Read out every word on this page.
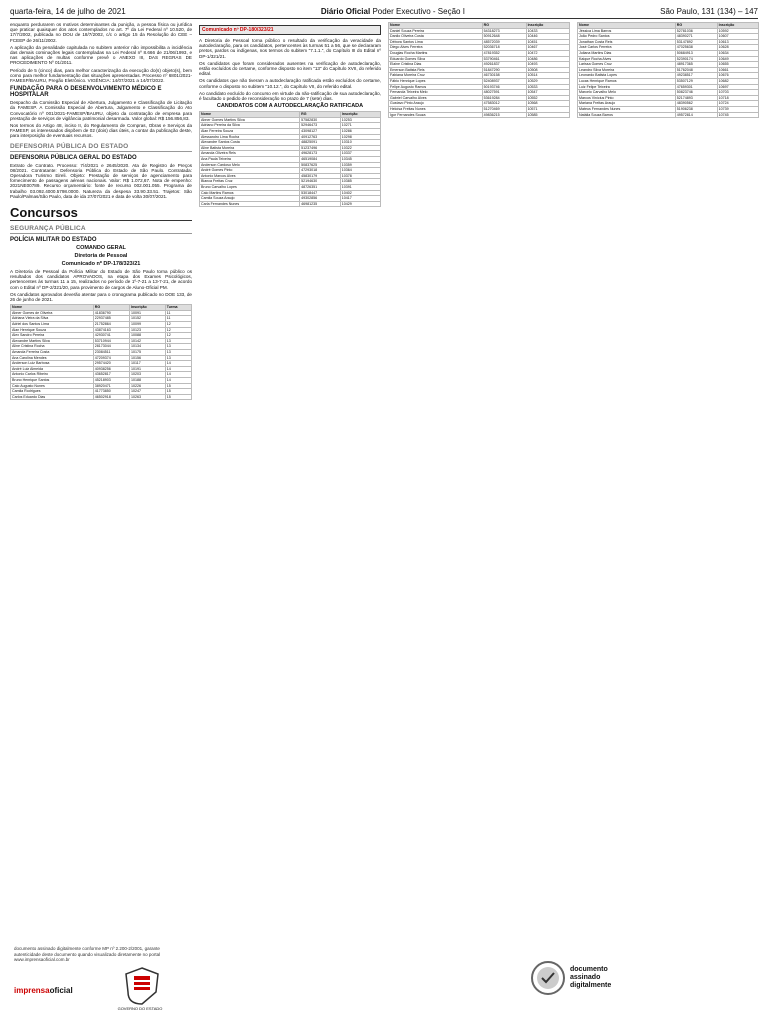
quarta-feira, 14 de julho de 2021	Diário Oficial Poder Executivo - Seção I	São Paulo, 131 (134) – 147

enquanto perdurarem os motivos determinantes da punição, a pessoa física ou jurídica que praticar quaisquer dos atos contemplados no art. 7º da Lei Federal nº 10.520, de 17/7/2002, publicada no DOU de 18/7/2002, c/c o artigo 15 da Resolução do CEE – FCEEP de 26/11/2002.

A aplicação da penalidade capitulada no subitem anterior não impossibilita a incidência das demais cominações legais contempladas na Lei Federal nº 8.666 de 21/06/1993, e nas aplicações de multas conforme prevê o ANEXO III, DAS REGRAS DE PROCEDIMENTO Nº 01/2011.

Período de 5 (cinco) dias, para melhor caracterização da execução do(s) objeto(s), bem como para melhor fundamentação das situações apresentadas. Processo nº 6801/2021-FAMESP/BAURU, Pregão Eletrônico. VIGÊNCIA: 14/07/2021 a 14/07/2022.

FUNDAÇÃO PARA O DESENVOLVIMENTO MÉDICO E HOSPITALAR

Despacho da Comissão Especial de Abertura, Julgamento e Classificação de Licitação da FAMESP. A Comissão Especial de Abertura, Julgamento e Classificação do Ato Convocatório nº 001/2021-FAMESP/BAURU, objeto da contratação de empresa para prestação de serviços de vigilância patrimonial desarmada. Valor global: R$ 156.856,83.

Nos termos do Artigo 48, inciso II, do Regulamento de Compras, Obras e Serviços da FAMESP, os interessados dispõem de 02 (dois) dias úteis, a contar da publicação deste, para interposição de eventuais recursos.

DEFENSORIA PÚBLICA DO ESTADO
DEFENSORIA PÚBLICA GERAL DO ESTADO

Extrato de Contrato. Processo: 7/4/2021 e 2645/2020. Ata de Registro de Preços 08/2021. Contratante: Defensoria Pública do Estado de São Paulo. Contratada: Operadora Turismo Eireli. Objeto: Prestação de serviços de agenciamento para fornecimento de passagens aéreas nacionais. Valor: R$ 1.072,67. Nota de empenho: 2021NE00789. Recurso orçamentário: fonte de recurso 002.001.055. Programa de trabalho 03.092.4000.5798.0000. Natureza da despesa 33.90.33.51. Trajetos: São Paulo/Palmas/São Paulo, data de ida 27/07/2021 e data de volta 30/07/2021.

Concursos
SEGURANÇA PÚBLICA
POLÍCIA MILITAR DO ESTADO
COMANDO GERAL
Diretoria de Pessoal
Comunicado nº DP-178/323/21

A Diretoria de Pessoal da Polícia Militar do Estado de São Paulo torna público os resultados dos candidatos APROVADOS, na etapa dos Exames Psicológicos, pertencentes às turmas 11 a 15, realizados no período de 1º-7-21 a 13-7-21, de acordo com o Edital nº DP-2/321/20, para provimento de cargos de Aluno-Oficial PM.

Os candidatos aprovados deverão atentar para o cronograma publicado no DOE 133, de 26 de junho de 2021.

Nome	RG	Inscrição	Turma
Abner Gomes de Oliveira	41836790	10091	11
Adriana Vieira da Silva	22937485	10152	11
Adriel dos Santos Lima	21752864	10099	12
Alan Henrique Souza	43874163	10123	12
Alex Sandro Pereira	42930741	10088	12
Alexandre Martins Silva	53710944	10142	13
Aline Cristina Rocha	28173044	10134	13
Amanda Ferreira Costa	23084511	10175	13
Ana Carolina Mendes	47209374	10156	13
Anderson Luiz Barbosa	29574420	10117	14
André Luiz Almeida	40938256	10191	14
Antonio Carlos Ribeiro	43652817	10203	14
Bruno Henrique Santos	45218903	10188	14
Caio Augusto Nunes	38920471	10226	15
Camila Rodrigues	41773850	10247	15
Carlos Eduardo Dias	46502918	10263	15
Comunicado nº DP-180/323/21

A Diretoria de Pessoal torna público o resultado da verificação da veracidade da autodeclaração, para os candidatos, pertencentes às turmas 51 a 56, que se declararam pretos, pardos ou indígenas, nos termos do subitem "7.1.1.", do Capítulo III do Edital nº DP-1/321/21.

Os candidatos que foram considerados ausentes na verificação de autodeclaração, estão excluídos do certame, conforme disposto no item "13" do Capítulo XVII, do referido edital.

Os candidatos que não tiveram a autodeclaração ratificada estão excluídos do certame, conforme o disposto no subitem "10.12.", do Capítulo VII, do referido edital.

Ao candidato excluído do concurso em virtude da não-ratificação de sua autodeclaração, é facultado o pedido de reconsideração no prazo de 7 (sete) dias.

CANDIDATOS COM A AUTODECLARAÇÃO RATIFICADA
Nome	RG	Inscrição
Abner Gomes Martins Silva	57582830	10253
Adriano Pereira da Silva	52946473	10271
Alan Ferreira Souza	43098127	10286
Alessandro Lima Rocha	40912763	10298
Alexandre Santos Costa	48825091	10310
Aline Batista Moreira	51237496	10322
Amanda Oliveira Reis	49628173	10337
Ana Paula Teixeira	46519084	10345
Anderson Cardoso Melo	50837625	10359
André Gomes Pinto	47293018	10364
Antonio Marcos Alves	45830179	10378
Bianca Freitas Cruz	52194630	10385
Bruno Carvalho Lopes	48726351	10391
Caio Martins Ramos	53018447	10402
Camila Souza Araujo	49302856	10417
Carla Fernandes Nunes	46981235	10429
Nome	RG	Inscrição
Daniel Souza Pereira	54318273	10433
Danilo Oliveira Costa	50912648	10446
Débora Santos Lima	48572039	10451
Diego Alves Ferreira	52036718	10467
Douglas Rocha Martins	47819352	10472
Eduardo Gomes Silva	53790461	10486
Elaine Cristina Dias	49261837	10493
Emerson Batista Reis	51847290	10508
Fabiana Moreira Cruz	46730158	10514
Fábio Henrique Lopes	52408937	10529
Felipe Augusto Ramos	50193746	10533
Fernanda Teixeira Melo	48027591	10547
Gabriel Carvalho Alves	53619284	10552
Gustavo Pinto Araujo	47583012	10568
Heloísa Freitas Nunes	51270469	10571
Igor Fernandes Souza	49836215	10585
Nome	RG	Inscrição
Jéssica Lima Barros	52781036	10592
João Pedro Santos	48390271	10607
Jonathan Costa Reis	53147892	10613
José Carlos Ferreira	47025638	10628
Juliana Martins Dias	50684913	10634
Kaique Rocha Alves	52390174	10649
Larissa Gomes Cruz	48917365	10655
Leandro Silva Moreira	51762048	10661
Leonardo Batista Lopes	49238517	10676
Lucas Henrique Ramos	53507129	10682
Luiz Felipe Teixeira	47659301	10697
Marcelo Carvalho Melo	50823746	10703
Marcos Vinícius Pinto	52174893	10718
Mariana Freitas Araujo	48390562	10724
Mateus Fernandes Nunes	51906238	10739
Natália Souza Barros	49572814	10745
documento assinado digitalmente conforme MP nº 2.200-2/2001, garante autenticidade deste documento quando visualizado diretamente no portal www.imprensaoficial.com.br
imprensaoficial
GOVERNO DO ESTADO
documento
assinado
digitalmente
